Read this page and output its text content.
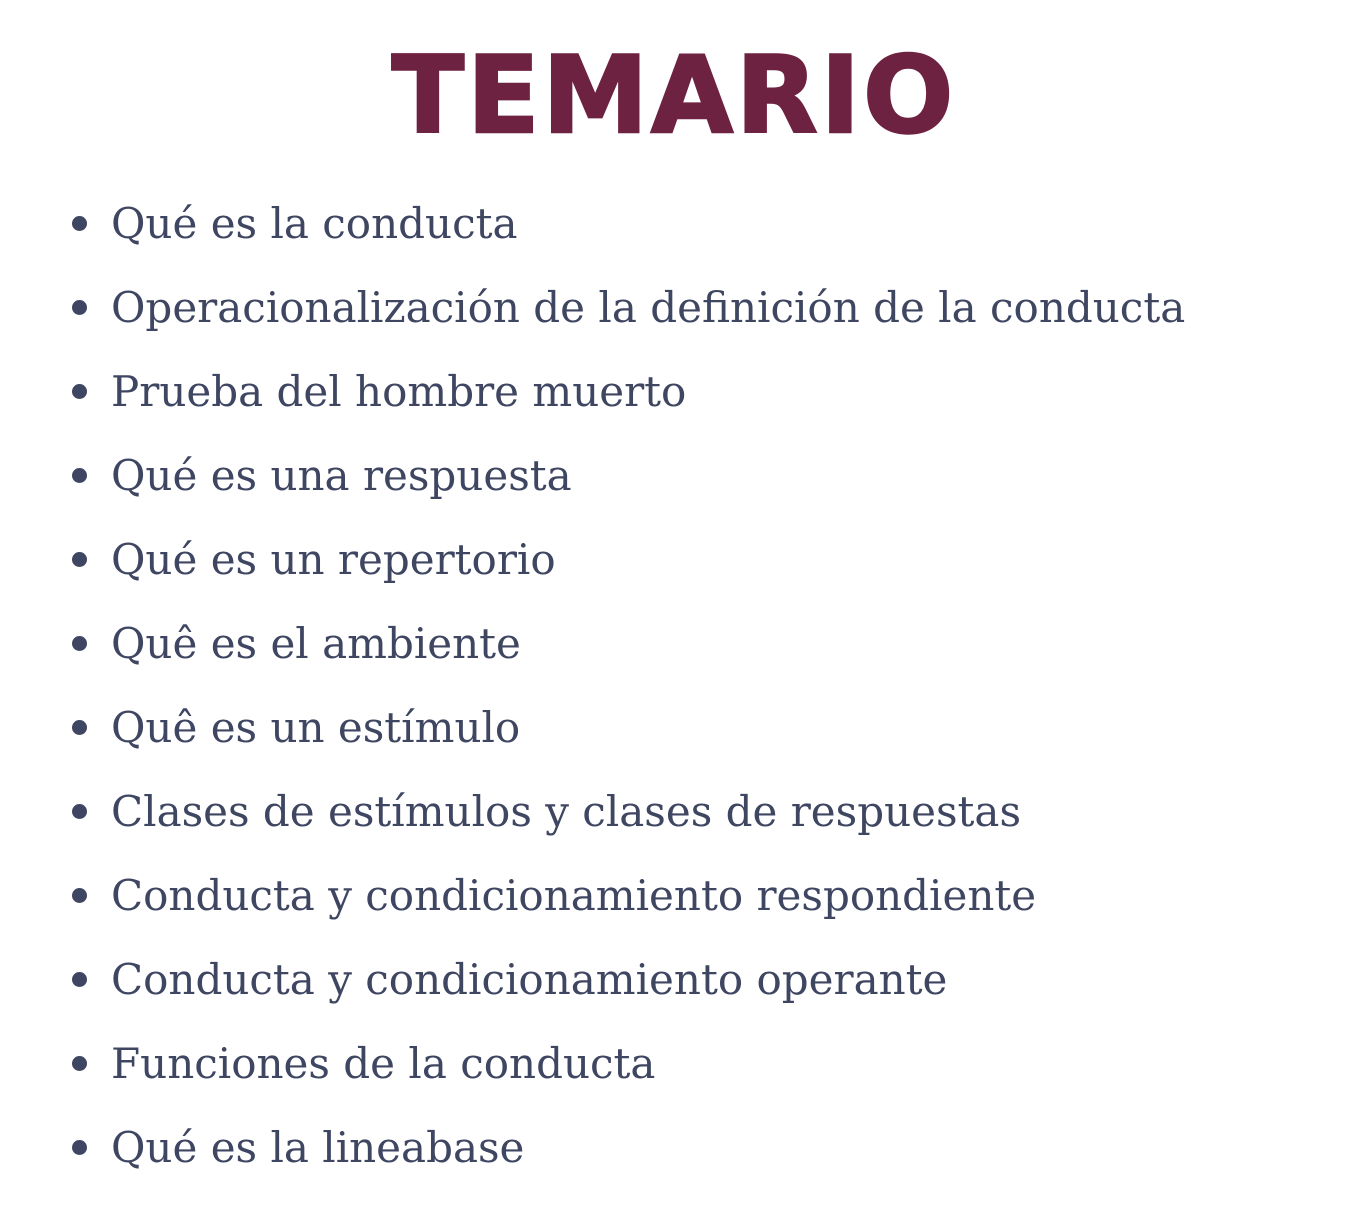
TEMARIO
Qué es la conducta
Operacionalización de la definición de la conducta
Prueba del hombre muerto
Qué es una respuesta
Qué es un repertorio
Quê es el ambiente
Quê es un estímulo
Clases de estímulos y clases de respuestas
Conducta y condicionamiento respondiente
Conducta y condicionamiento operante
Funciones de la conducta
Qué es la lineabase
